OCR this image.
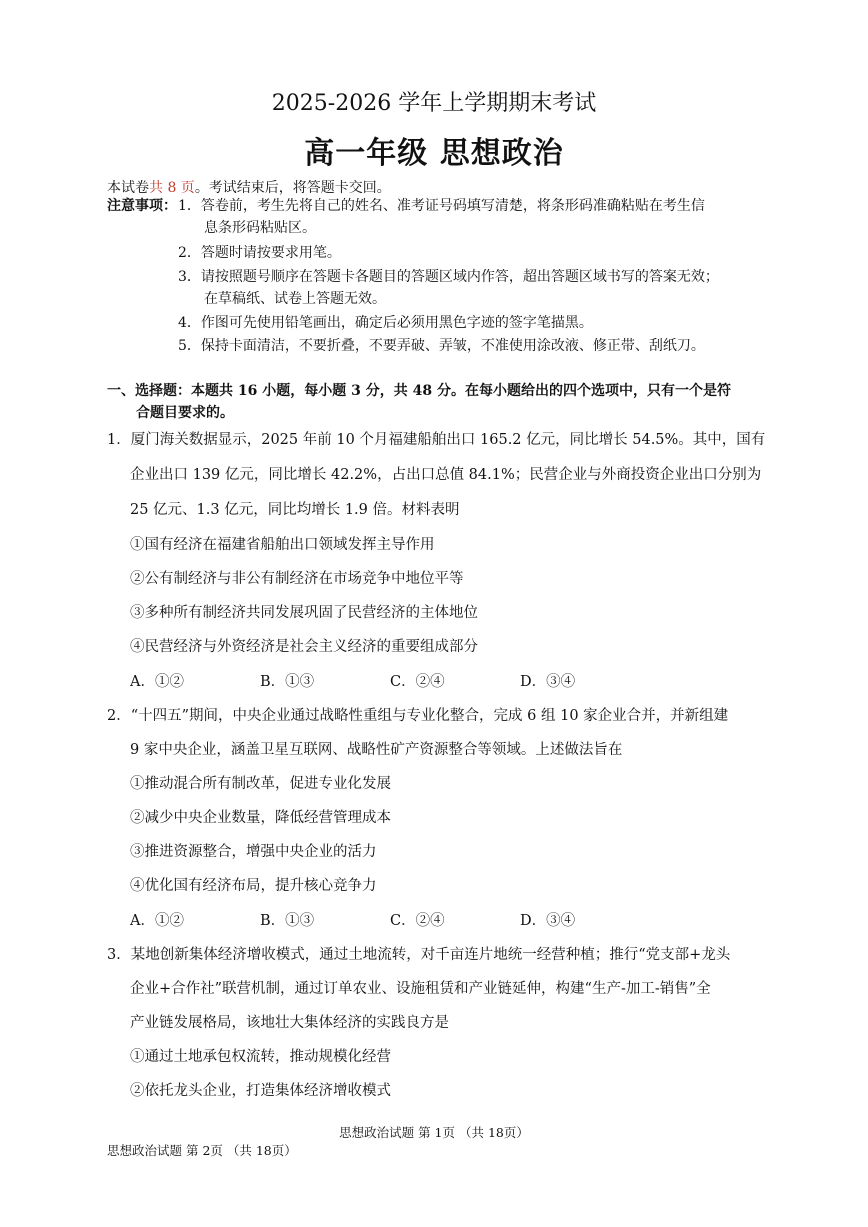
2025-2026 学年上学期期末考试
高一年级 思想政治
本试卷共 8 页。考试结束后，将答题卡交回。
注意事项： 1．答卷前，考生先将自己的姓名、准考证号码填写清楚，将条形码准确粘贴在考生信
息条形码粘贴区。
2．答题时请按要求用笔。
3．请按照题号顺序在答题卡各题目的答题区域内作答，超出答题区域书写的答案无效；
在草稿纸、试卷上答题无效。
4．作图可先使用铅笔画出，确定后必须用黑色字迹的签字笔描黑。
5．保持卡面清洁，不要折叠，不要弄破、弄皱，不准使用涂改液、修正带、刮纸刀。
一、选择题：本题共 16 小题，每小题 3 分，共 48 分。在每小题给出的四个选项中，只有一个是符
合题目要求的。
1．厦门海关数据显示，2025 年前 10 个月福建船舶出口 165.2 亿元，同比增长 54.5%。其中，国有
企业出口 139 亿元，同比增长 42.2%，占出口总值 84.1%；民营企业与外商投资企业出口分别为
25 亿元、1.3 亿元，同比均增长 1.9 倍。材料表明
①国有经济在福建省船舶出口领域发挥主导作用
②公有制经济与非公有制经济在市场竞争中地位平等
③多种所有制经济共同发展巩固了民营经济的主体地位
④民营经济与外资经济是社会主义经济的重要组成部分
A．①②	B．①③	C．②④	D．③④
2．“十四五”期间，中央企业通过战略性重组与专业化整合，完成 6 组 10 家企业合并，并新组建
9 家中央企业，涵盖卫星互联网、战略性矿产资源整合等领域。上述做法旨在
①推动混合所有制改革，促进专业化发展
②减少中央企业数量，降低经营管理成本
③推进资源整合，增强中央企业的活力
④优化国有经济布局，提升核心竞争力
A．①②	B．①③	C．②④	D．③④
3．某地创新集体经济增收模式，通过土地流转，对千亩连片地统一经营种植；推行“党支部+龙头
企业+合作社”联营机制，通过订单农业、设施租赁和产业链延伸，构建“生产-加工-销售”全
产业链发展格局，该地壮大集体经济的实践良方是
①通过土地承包权流转，推动规模化经营
②依托龙头企业，打造集体经济增收模式
思想政治试题 第 1页 （共 18页）
思想政治试题 第 2页 （共 18页）
